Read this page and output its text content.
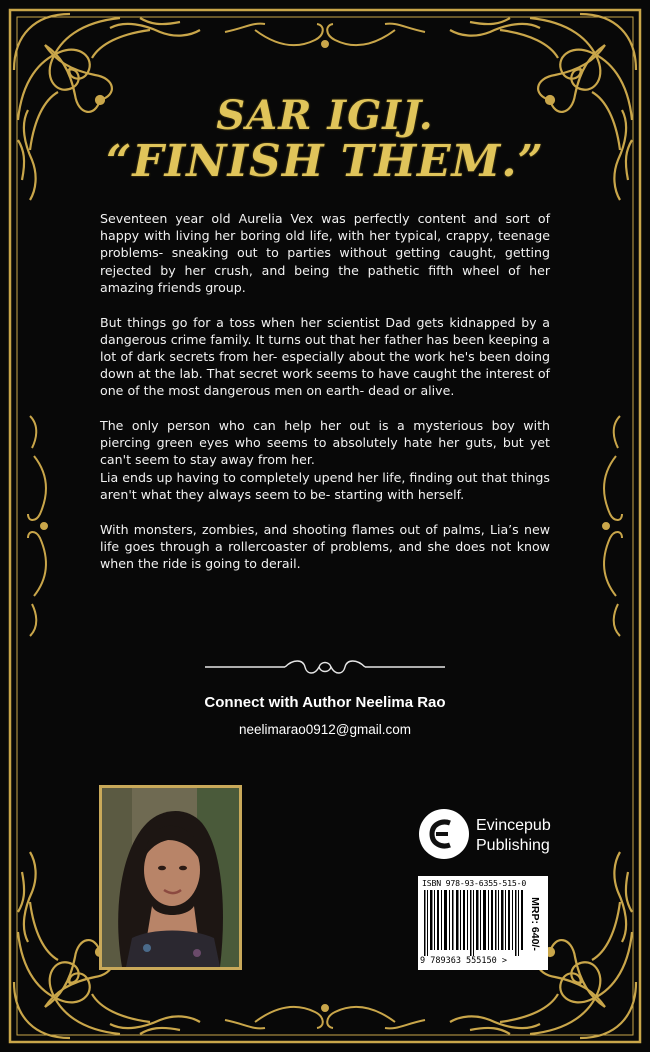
SAR IGIJ.
“FINISH THEM.”

Seventeen year old Aurelia Vex was perfectly content and sort of happy with living her boring old life, with her typical, crappy, teenage problems- sneaking out to parties without getting caught, getting rejected by her crush, and being the pathetic fifth wheel of her amazing friends group.

But things go for a toss when her scientist Dad gets kidnapped by a dangerous crime family. It turns out that her father has been keeping a lot of dark secrets from her- especially about the work he's been doing down at the lab. That secret work seems to have caught the interest of one of the most dangerous men on earth- dead or alive.

The only person who can help her out is a mysterious boy with piercing green eyes who seems to absolutely hate her guts, but yet can't seem to stay away from her.

Lia ends up having to completely upend her life, finding out that things aren't what they always seem to be- starting with herself.

With monsters, zombies, and shooting flames out of palms, Lia’s new life goes through a rollercoaster of problems, and she does not know when the ride is going to derail.

Connect with Author Neelima Rao
neelimarao0912@gmail.com
Evincepub
Publishing
ISBN 978-93-6355-515-0
9 789363 555150 >
MRP: 640/-
